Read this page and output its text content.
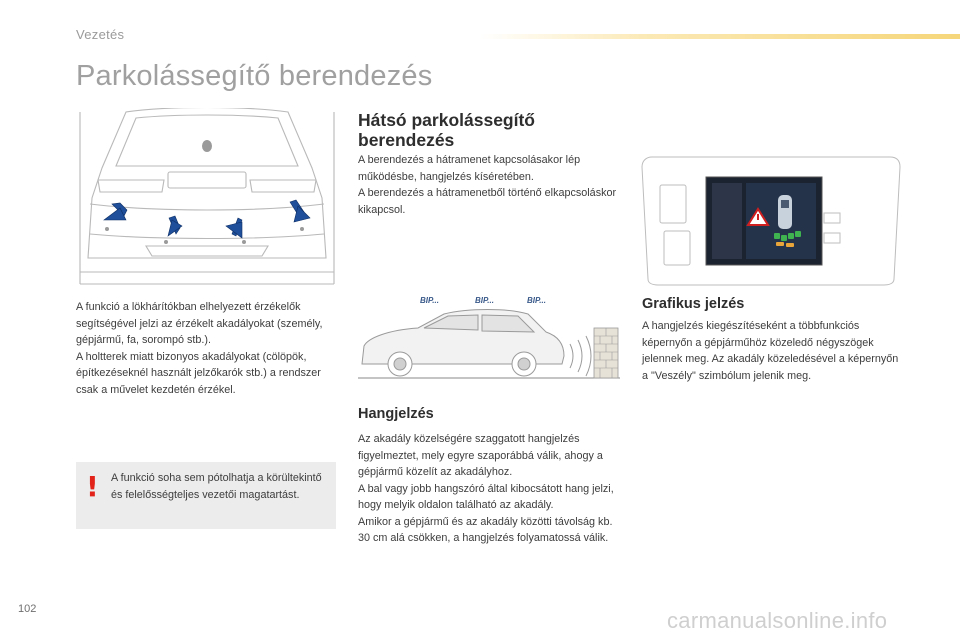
Vezetés
Parkolássegítő berendezés

A funkció a lökhárítókban elhelyezett érzékelők segítségével jelzi az érzékelt akadályokat (személy, gépjármű, fa, sorompó stb.).

A holtterek miatt bizonyos akadályokat (cölöpök, építkezéseknél használt jelzőkarók stb.) a rendszer csak a művelet kezdetén érzékel.

! A funkció soha sem pótolhatja a körültekintő és felelősségteljes vezetői magatartást.
Hátsó parkolássegítő
berendezés

A berendezés a hátramenet kapcsolásakor lép működésbe, hangjelzés kíséretében.

A berendezés a hátramenetből történő elkapcsoláskor kikapcsol.

BIP...	BIP...	BIP...
Hangjelzés

Az akadály közelségére szaggatott hangjelzés figyelmeztet, mely egyre szaporábbá válik, ahogy a gépjármű közelít az akadályhoz.

A bal vagy jobb hangszóró által kibocsátott hang jelzi, hogy melyik oldalon található az akadály.

Amikor a gépjármű és az akadály közötti távolság kb. 30 cm alá csökken, a hangjelzés folyamatossá válik.

Grafikus jelzés

A hangjelzés kiegészítéseként a többfunkciós képernyőn a gépjárműhöz közeledő négyszögek jelennek meg. Az akadály közeledésével a képernyőn a "Veszély" szimbólum jelenik meg.

102	carmanualsonline.info
